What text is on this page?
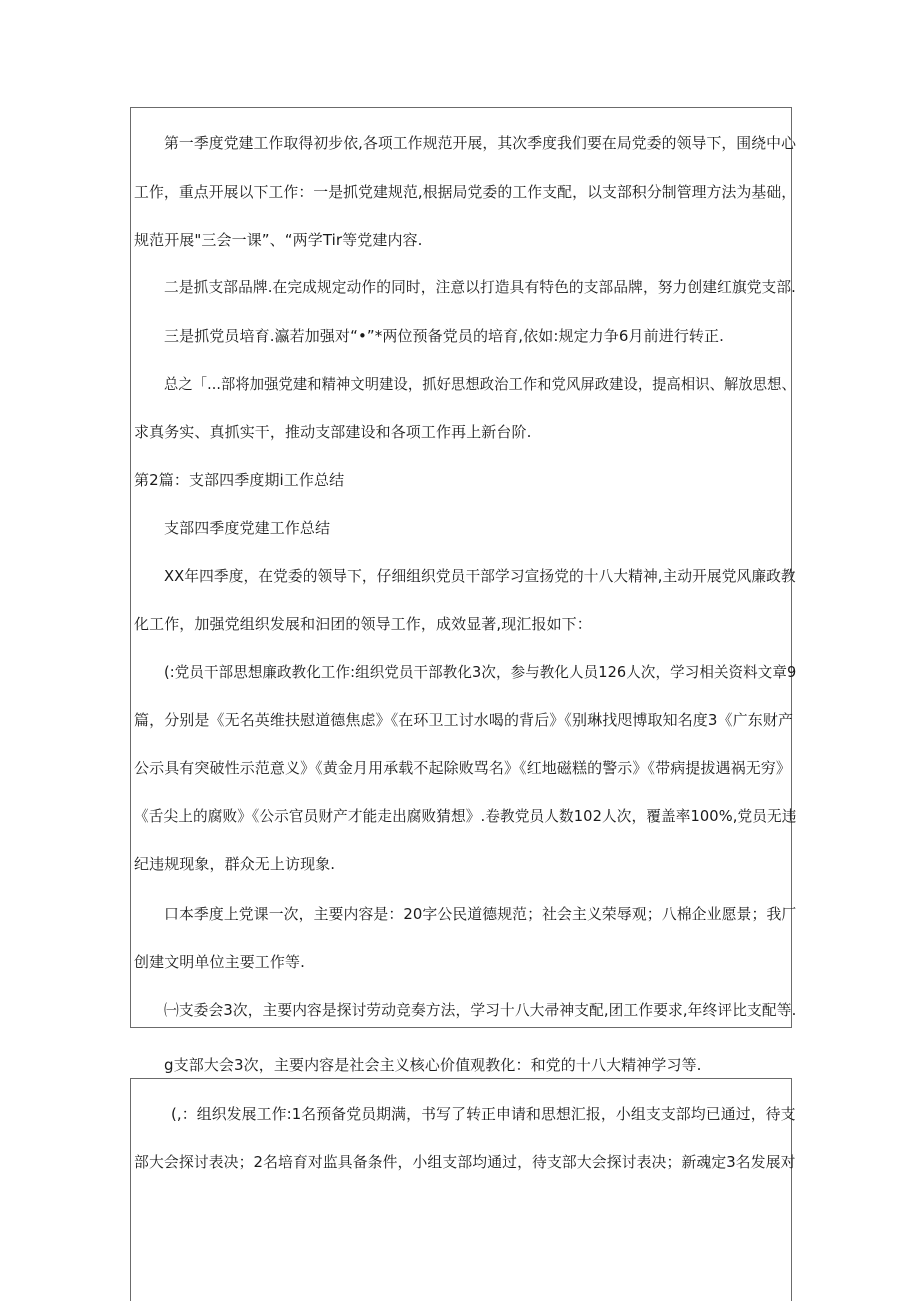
第一季度党建工作取得初步依,各项工作规范开展，其次季度我们要在局党委的领导下，围绕中心
工作，重点开展以下工作：一是抓党建规范,根据局党委的工作支配，以支部积分制管理方法为基础，
规范开展"三会一课”、“两学Tir等党建内容.
二是抓支部品牌.在完成规定动作的同时，注意以打造具有特色的支部品牌，努力创建红旗党支部.
三是抓党员培育.瀛若加强对“•”*两位预备党员的培育,依如:规定力争6月前进行转正.
总之「...部将加强党建和精神文明建设，抓好思想政治工作和党风屏政建设，提高相识、解放思想、
求真务实、真抓实干，推动支部建设和各项工作再上新台阶.
第2篇：支部四季度期i工作总结
支部四季度党建工作总结
XX年四季度，在党委的领导下，仔细组织党员干部学习宣扬党的十八大精神,主动开展党风廉政教
化工作，加强党组织发展和汩团的领导工作，成效显著,现汇报如下：
(:党员干部思想廉政教化工作:组织党员干部教化3次，参与教化人员126人次，学习相关资料文章9
篇，分别是《无名英维扶慰道德焦虑》《在环卫工讨水喝的背后》《别琳找咫博取知名度3《广东财产
公示具有突破性示范意义》《黄金月用承载不起除败骂名》《红地磁糕的警示》《带病提拔遇祸无穷》
《舌尖上的腐败》《公示官员财产才能走出腐败猜想》.卷教党员人数102人次，覆盖率100%,党员无违
纪违规现象，群众无上访现象.
口本季度上党课一次，主要内容是：20字公民道德规范；社会主义荣辱观；八棉企业愿景；我厂
创建文明单位主要工作等.
㈠支委会3次，主要内容是探讨劳动竞奏方法，学习十八大帚神支配,团工作要求,年终评比支配等.
g支部大会3次，主要内容是社会主义核心价值观教化：和党的十八大精神学习等.
(,：组织发展工作:1名预备党员期满，书写了转正申请和思想汇报，小组支支部均已通过，待支
部大会探讨表决；2名培育对监具备条件，小组支部均通过，待支部大会探讨表决；新魂定3名发展对
